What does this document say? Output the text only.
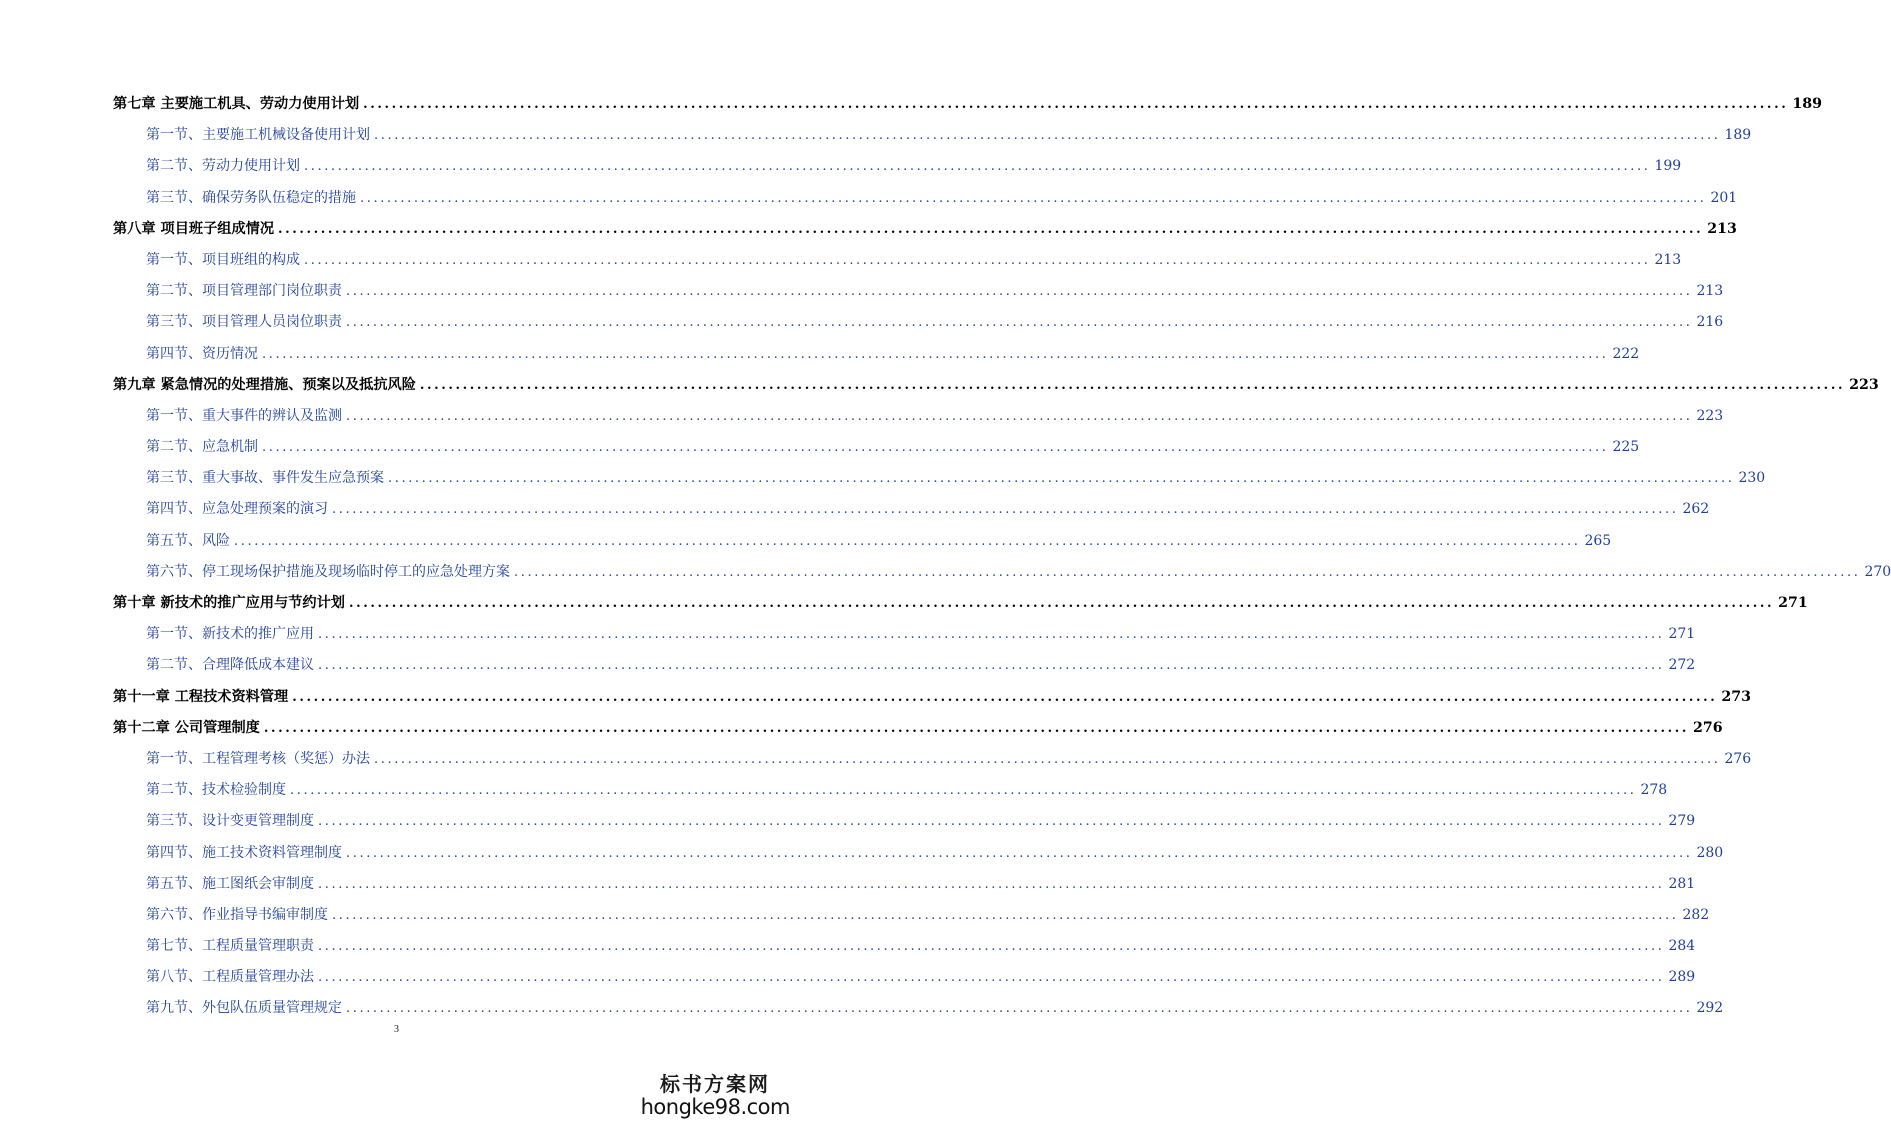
第七章 主要施工机具、劳动力使用计划 ........................................................................................................................................................................................................ 189
第一节、主要施工机械设备使用计划 ........................................................................................................................................................................................................ 189
第二节、劳动力使用计划 ........................................................................................................................................................................................................ 199
第三节、确保劳务队伍稳定的措施 ........................................................................................................................................................................................................ 201
第八章 项目班子组成情况 ........................................................................................................................................................................................................ 213
第一节、项目班组的构成 ........................................................................................................................................................................................................ 213
第二节、项目管理部门岗位职责 ........................................................................................................................................................................................................ 213
第三节、项目管理人员岗位职责 ........................................................................................................................................................................................................ 216
第四节、资历情况 ........................................................................................................................................................................................................ 222
第九章 紧急情况的处理措施、预案以及抵抗风险 ........................................................................................................................................................................................................ 223
第一节、重大事件的辨认及监测 ........................................................................................................................................................................................................ 223
第二节、应急机制 ........................................................................................................................................................................................................ 225
第三节、重大事故、事件发生应急预案 ........................................................................................................................................................................................................ 230
第四节、应急处理预案的演习 ........................................................................................................................................................................................................ 262
第五节、风险 ........................................................................................................................................................................................................ 265
第六节、停工现场保护措施及现场临时停工的应急处理方案 ........................................................................................................................................................................................................ 270
第十章 新技术的推广应用与节约计划 ........................................................................................................................................................................................................ 271
第一节、新技术的推广应用 ........................................................................................................................................................................................................ 271
第二节、合理降低成本建议 ........................................................................................................................................................................................................ 272
第十一章 工程技术资料管理 ........................................................................................................................................................................................................ 273
第十二章 公司管理制度 ........................................................................................................................................................................................................ 276
第一节、工程管理考核（奖惩）办法 ........................................................................................................................................................................................................ 276
第二节、技术检验制度 ........................................................................................................................................................................................................ 278
第三节、设计变更管理制度 ........................................................................................................................................................................................................ 279
第四节、施工技术资料管理制度 ........................................................................................................................................................................................................ 280
第五节、施工图纸会审制度 ........................................................................................................................................................................................................ 281
第六节、作业指导书编审制度 ........................................................................................................................................................................................................ 282
第七节、工程质量管理职责 ........................................................................................................................................................................................................ 284
第八节、工程质量管理办法 ........................................................................................................................................................................................................ 289
第九节、外包队伍质量管理规定 ........................................................................................................................................................................................................ 292
3
标书方案网
hongke98.com
